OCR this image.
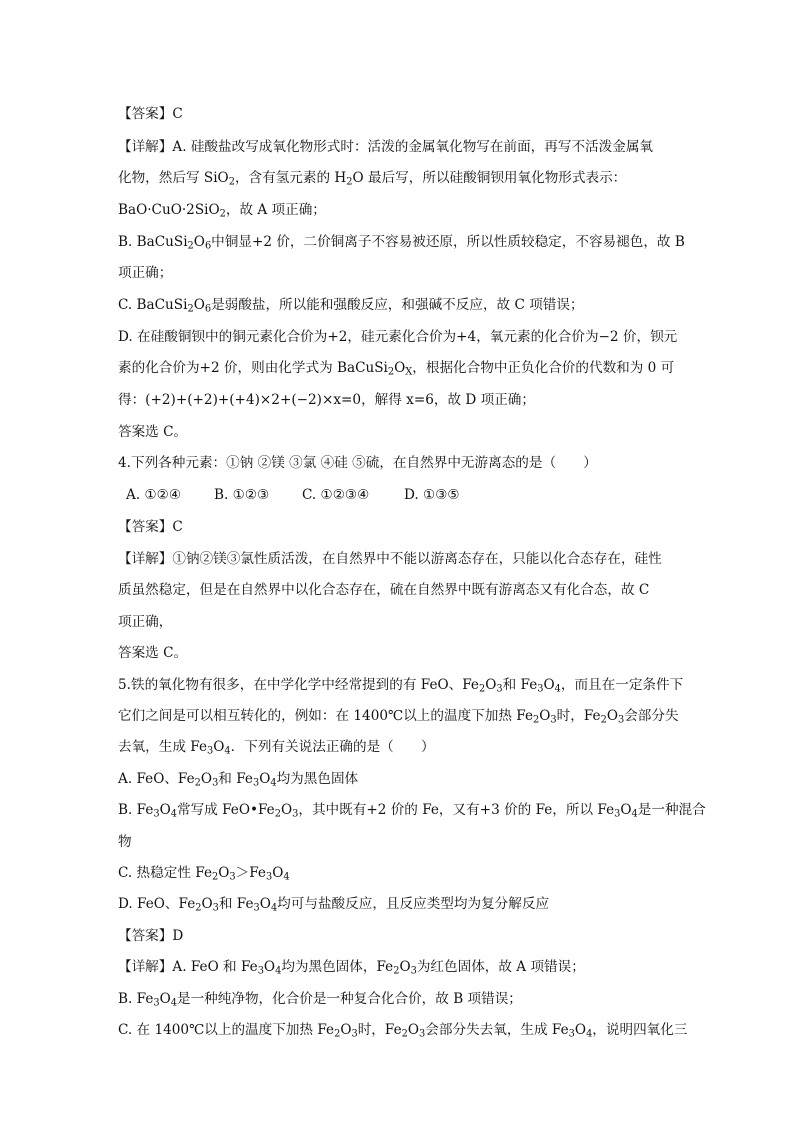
【答案】C
【详解】A. 硅酸盐改写成氧化物形式时：活泼的金属氧化物写在前面，再写不活泼金属氧
化物，然后写 SiO$_2$，含有氢元素的 $H_2O$ 最后写，所以硅酸铜钡用氧化物形式表示：
BaO·CuO·2SiO$_2$，故 A 项正确；
B. $BaCuSi_2O_6$中铜显+2 价，二价铜离子不容易被还原，所以性质较稳定，不容易褪色，故 B
项正确；
C. $BaCuSi_2O_6$是弱酸盐，所以能和强酸反应，和强碱不反应，故 C 项错误；
D. 在硅酸铜钡中的铜元素化合价为+2，硅元素化合价为+4，氧元素的化合价为−2 价，钡元
素的化合价为+2 价，则由化学式为 $BaCuSi_2O_X$，根据化合物中正负化合价的代数和为 0 可
得：(+2)+(+2)+(+4)×2+(−2)×x=0，解得 x=6，故 D 项正确；
答案选 C。
4.下列各种元素：①钠 ②镁 ③氯 ④硅 ⑤硫，在自然界中无游离态的是（　　）
【答案】C
【详解】①钠②镁③氯性质活泼，在自然界中不能以游离态存在，只能以化合态存在，硅性
质虽然稳定，但是在自然界中以化合态存在，硫在自然界中既有游离态又有化合态，故 C
项正确，
答案选 C。
5.铁的氧化物有很多，在中学化学中经常提到的有 FeO、$Fe_2O_3$和 $Fe_3O_4$，而且在一定条件下
它们之间是可以相互转化的，例如：在 1400℃以上的温度下加热 $Fe_2O_3$时，$Fe_2O_3$会部分失
去氧，生成 $Fe_3O_4$．下列有关说法正确的是（　　）
A. FeO、$Fe_2O_3$和 $Fe_3O_4$均为黑色固体
B. $Fe_3O_4$常写成 $FeO•Fe_2O_3$，其中既有+2 价的 Fe，又有+3 价的 Fe，所以 $Fe_3O_4$是一种混合
物
C. 热稳定性 $Fe_2O_3>Fe_3O_4$
D. FeO、$Fe_2O_3$和 $Fe_3O_4$均可与盐酸反应，且反应类型均为复分解反应
【答案】D
【详解】A. FeO 和 $Fe_3O_4$均为黑色固体，$Fe_2O_3$为红色固体，故 A 项错误；
B. $Fe_3O_4$是一种纯净物，化合价是一种复合化合价，故 B 项错误；
C. 在 1400℃以上的温度下加热 $Fe_2O_3$时，$Fe_2O_3$会部分失去氧，生成 $Fe_3O_4$，说明四氧化三
A. ①②④ B. ①②③ C. ①②③④	D. ①③⑤
